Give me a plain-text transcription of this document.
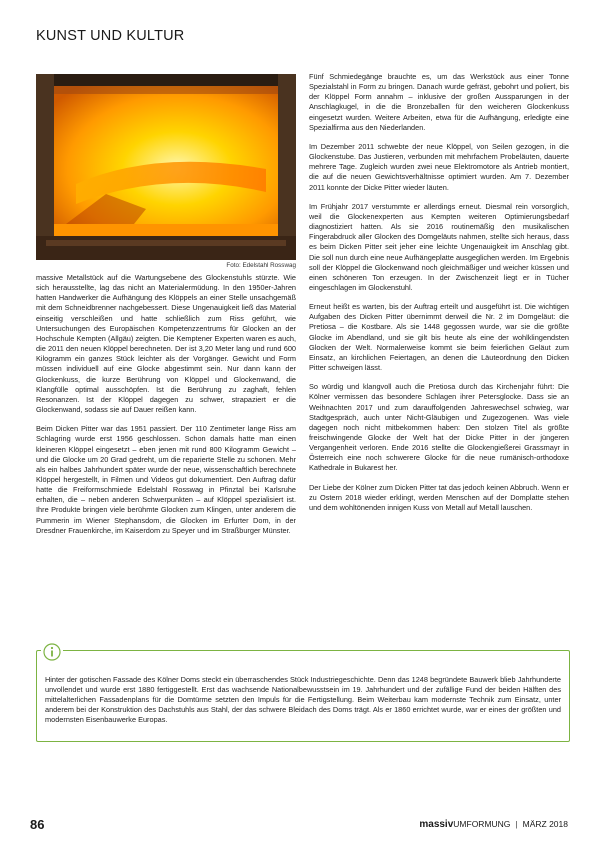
KUNST UND KULTUR
Foto: Edelstahl Rosswag

massive Metallstück auf die Wartungsebene des Glockenstuhls stürzte. Wie sich herausstellte, lag das nicht an Materialermüdung. In den 1950er-Jahren hatten Handwerker die Aufhängung des Klöppels an einer Stelle unsachgemäß mit dem Schneidbrenner nachgebessert. Diese Ungenauigkeit ließ das Material einseitig verschleißen und hatte schließlich zum Riss geführt, wie Untersuchungen des Europäischen Kompetenzzentrums für Glocken an der Hochschule Kempten (Allgäu) zeigten. Die Kemptener Experten waren es auch, die 2011 den neuen Klöppel berechneten. Der ist 3,20 Meter lang und rund 600 Kilogramm ein ganzes Stück leichter als der Vorgänger. Gewicht und Form müssen individuell auf eine Glocke abgestimmt sein. Nur dann kann der Glockenkuss, die kurze Berührung von Klöppel und Glockenwand, die Klangfülle optimal ausschöpfen. Ist die Berührung zu zaghaft, fehlen Resonanzen. Ist der Klöppel dagegen zu schwer, strapaziert er die Glockenwand, sodass sie auf Dauer reißen kann.

Beim Dicken Pitter war das 1951 passiert. Der 110 Zentimeter lange Riss am Schlagring wurde erst 1956 geschlossen. Schon damals hatte man einen kleineren Klöppel eingesetzt – eben jenen mit rund 800 Kilogramm Gewicht – und die Glocke um 20 Grad gedreht, um die reparierte Stelle zu schonen. Mehr als ein halbes Jahrhundert später wurde der neue, wissenschaftlich berechnete Klöppel hergestellt, in Filmen und Videos gut dokumentiert. Den Auftrag dafür hatte die Freiformschmiede Edelstahl Rosswag in Pfinztal bei Karlsruhe erhalten, die – neben anderen Schwerpunkten – auf Klöppel spezialisiert ist. Ihre Produkte bringen viele berühmte Glocken zum Klingen, unter anderem die Pummerin im Wiener Stephansdom, die Glocken im Erfurter Dom, in der Dresdner Frauenkirche, im Kaiserdom zu Speyer und im Straßburger Münster.

Fünf Schmiedegänge brauchte es, um das Werkstück aus einer Tonne Spezialstahl in Form zu bringen. Danach wurde gefräst, gebohrt und poliert, bis der Klöppel Form annahm – inklusive der großen Aussparungen in der Anschlagkugel, in die die Bronzeballen für den weicheren Glockenkuss eingesetzt wurden. Weitere Arbeiten, etwa für die Aufhängung, erledigte eine Spezialfirma aus den Niederlanden.

Im Dezember 2011 schwebte der neue Klöppel, von Seilen gezogen, in die Glockenstube. Das Justieren, verbunden mit mehrfachem Probeläuten, dauerte mehrere Tage. Zugleich wurden zwei neue Elektromotore als Antrieb montiert, die auf die neuen Gewichtsverhältnisse optimiert wurden. Am 7. Dezember 2011 konnte der Dicke Pitter wieder läuten.

Im Frühjahr 2017 verstummte er allerdings erneut. Diesmal rein vorsorglich, weil die Glockenexperten aus Kempten weiteren Optimierungsbedarf diagnostiziert hatten. Als sie 2016 routinemäßig den musikalischen Fingerabdruck aller Glocken des Domgeläuts nahmen, stellte sich heraus, dass es beim Dicken Pitter seit jeher eine leichte Ungenauigkeit im Anschlag gibt. Die soll nun durch eine neue Aufhängeplatte ausgeglichen werden. Im Ergebnis soll der Klöppel die Glockenwand noch gleichmäßiger und weicher küssen und einen schöneren Ton erzeugen. In der Zwischenzeit liegt er in Tücher eingeschlagen im Glockenstuhl.

Erneut heißt es warten, bis der Auftrag erteilt und ausgeführt ist. Die wichtigen Aufgaben des Dicken Pitter übernimmt derweil die Nr. 2 im Domgeläut: die Pretiosa – die Kostbare. Als sie 1448 gegossen wurde, war sie die größte Glocke im Abendland, und sie gilt bis heute als eine der wohlklingendsten Glocken der Welt. Normalerweise kommt sie beim feierlichen Geläut zum Einsatz, an kirchlichen Feiertagen, an denen die Läuteordnung den Dicken Pitter schweigen lässt.

So würdig und klangvoll auch die Pretiosa durch das Kirchenjahr führt: Die Kölner vermissen das besondere Schlagen ihrer Petersglocke. Dass sie an Weihnachten 2017 und zum darauffolgenden Jahreswechsel schwieg, war Stadtgespräch, auch unter Nicht-Gläubigen und Zugezogenen. Was viele dagegen noch nicht mitbekommen haben: Den stolzen Titel als größte freischwingende Glocke der Welt hat der Dicke Pitter in der jüngeren Vergangenheit verloren. Ende 2016 stellte die Glockengießerei Grassmayr in Österreich eine noch schwerere Glocke für die neue rumänisch-orthodoxe Kathedrale in Bukarest her.

Der Liebe der Kölner zum Dicken Pitter tat das jedoch keinen Abbruch. Wenn er zu Ostern 2018 wieder erklingt, werden Menschen auf der Domplatte stehen und dem wohltönenden innigen Kuss von Metall auf Metall lauschen.

Hinter der gotischen Fassade des Kölner Doms steckt ein überraschendes Stück Industriegeschichte. Denn das 1248 begründete Bauwerk blieb Jahrhunderte unvollendet und wurde erst 1880 fertiggestellt. Erst das wachsende Nationalbewusstsein im 19. Jahrhundert und der zufällige Fund der beiden Hälften des mittelalterlichen Fassadenplans für die Domtürme setzten den Impuls für die Fertigstellung. Beim Weiterbau kam modernste Technik zum Einsatz, unter anderem bei der Konstruktion des Dachstuhls aus Stahl, der das schwere Bleidach des Doms trägt. Als er 1860 errichtet wurde, war er eines der größten und modernsten Eisenbauwerke Europas.
86	massivUMFORMUNG | MÄRZ 2018
